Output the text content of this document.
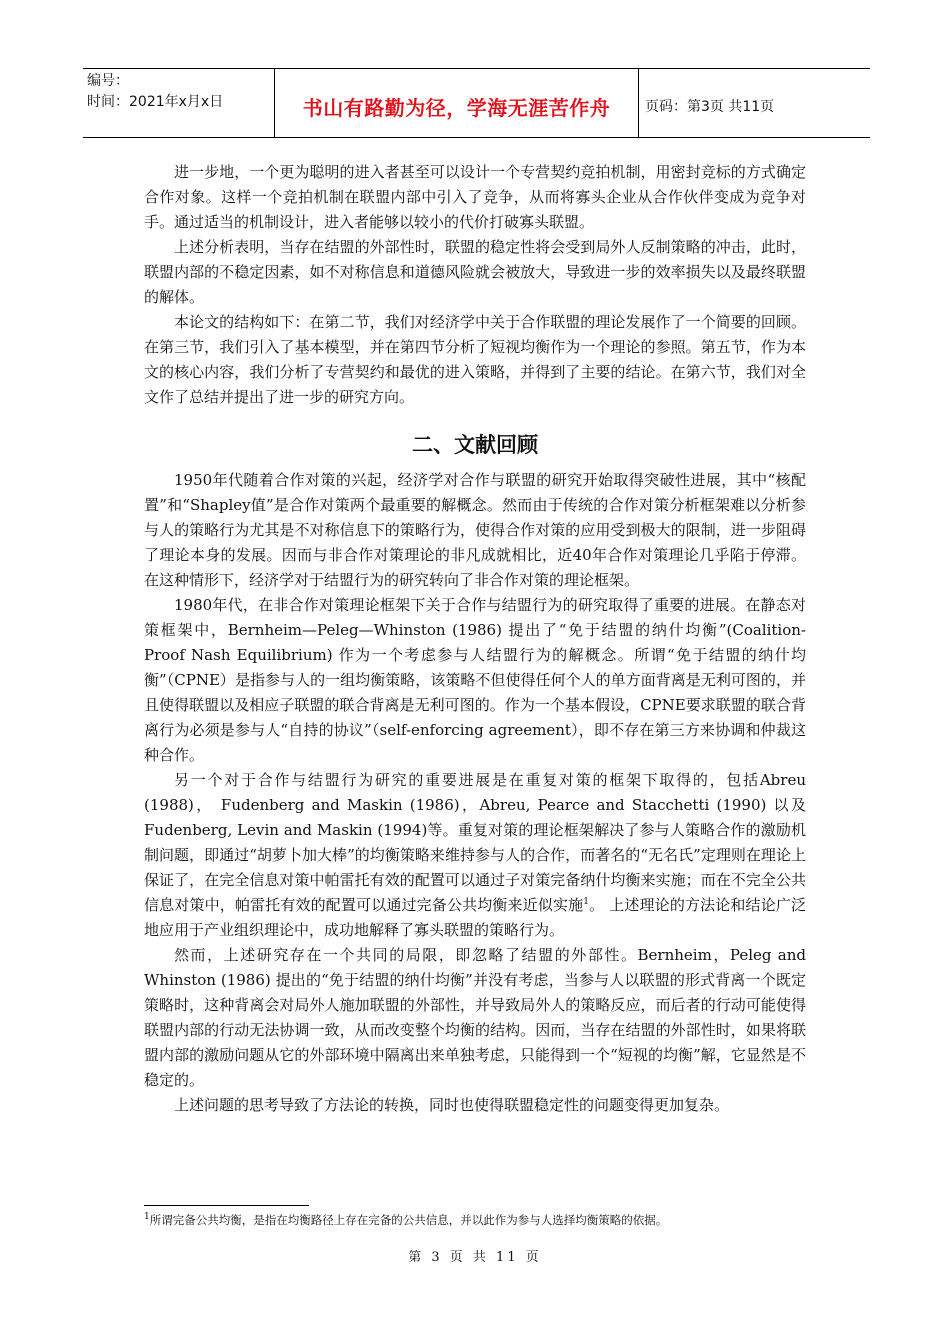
编号：
时间：2021年x月x日	书山有路勤为径，学海无涯苦作舟	页码：第3页 共11页

进一步地，一个更为聪明的进入者甚至可以设计一个专营契约竞拍机制，用密封竞标的方式确定合作对象。这样一个竞拍机制在联盟内部中引入了竞争，从而将寡头企业从合作伙伴变成为竞争对手。通过适当的机制设计，进入者能够以较小的代价打破寡头联盟。

上述分析表明，当存在结盟的外部性时，联盟的稳定性将会受到局外人反制策略的冲击，此时，联盟内部的不稳定因素，如不对称信息和道德风险就会被放大，导致进一步的效率损失以及最终联盟的解体。

本论文的结构如下：在第二节，我们对经济学中关于合作联盟的理论发展作了一个简要的回顾。在第三节，我们引入了基本模型，并在第四节分析了短视均衡作为一个理论的参照。第五节，作为本文的核心内容，我们分析了专营契约和最优的进入策略，并得到了主要的结论。在第六节，我们对全文作了总结并提出了进一步的研究方向。

二、文献回顾

1950年代随着合作对策的兴起，经济学对合作与联盟的研究开始取得突破性进展，其中“核配置”和“Shapley值”是合作对策两个最重要的解概念。然而由于传统的合作对策分析框架难以分析参与人的策略行为尤其是不对称信息下的策略行为，使得合作对策的应用受到极大的限制，进一步阻碍了理论本身的发展。因而与非合作对策理论的非凡成就相比，近40年合作对策理论几乎陷于停滞。在这种情形下，经济学对于结盟行为的研究转向了非合作对策的理论框架。

1980年代，在非合作对策理论框架下关于合作与结盟行为的研究取得了重要的进展。在静态对策框架中，Bernheim—Peleg—Whinston (1986) 提出了“免于结盟的纳什均衡”(Coalition-Proof Nash Equilibrium) 作为一个考虑参与人结盟行为的解概念。所谓“免于结盟的纳什均衡”（CPNE）是指参与人的一组均衡策略，该策略不但使得任何个人的单方面背离是无利可图的，并且使得联盟以及相应子联盟的联合背离是无利可图的。作为一个基本假设，CPNE要求联盟的联合背离行为必须是参与人“自持的协议”（self-enforcing agreement），即不存在第三方来协调和仲裁这种合作。

另一个对于合作与结盟行为研究的重要进展是在重复对策的框架下取得的，包括Abreu (1988)， Fudenberg and Maskin (1986)，Abreu, Pearce and Stacchetti (1990) 以及Fudenberg, Levin and Maskin (1994)等。重复对策的理论框架解决了参与人策略合作的激励机制问题，即通过“胡萝卜加大棒”的均衡策略来维持参与人的合作，而著名的“无名氏”定理则在理论上保证了，在完全信息对策中帕雷托有效的配置可以通过子对策完备纳什均衡来实施；而在不完全公共信息对策中，帕雷托有效的配置可以通过完备公共均衡来近似实施$^1$。 上述理论的方法论和结论广泛地应用于产业组织理论中，成功地解释了寡头联盟的策略行为。

然而，上述研究存在一个共同的局限，即忽略了结盟的外部性。Bernheim，Peleg and Whinston (1986) 提出的“免于结盟的纳什均衡”并没有考虑，当参与人以联盟的形式背离一个既定策略时，这种背离会对局外人施加联盟的外部性，并导致局外人的策略反应，而后者的行动可能使得联盟内部的行动无法协调一致，从而改变整个均衡的结构。因而，当存在结盟的外部性时，如果将联盟内部的激励问题从它的外部环境中隔离出来单独考虑，只能得到一个“短视的均衡”解，它显然是不稳定的。

上述问题的思考导致了方法论的转换，同时也使得联盟稳定性的问题变得更加复杂。

$^1$所谓完备公共均衡，是指在均衡路径上存在完备的公共信息，并以此作为参与人选择均衡策略的依据。
第 3 页 共 11 页
